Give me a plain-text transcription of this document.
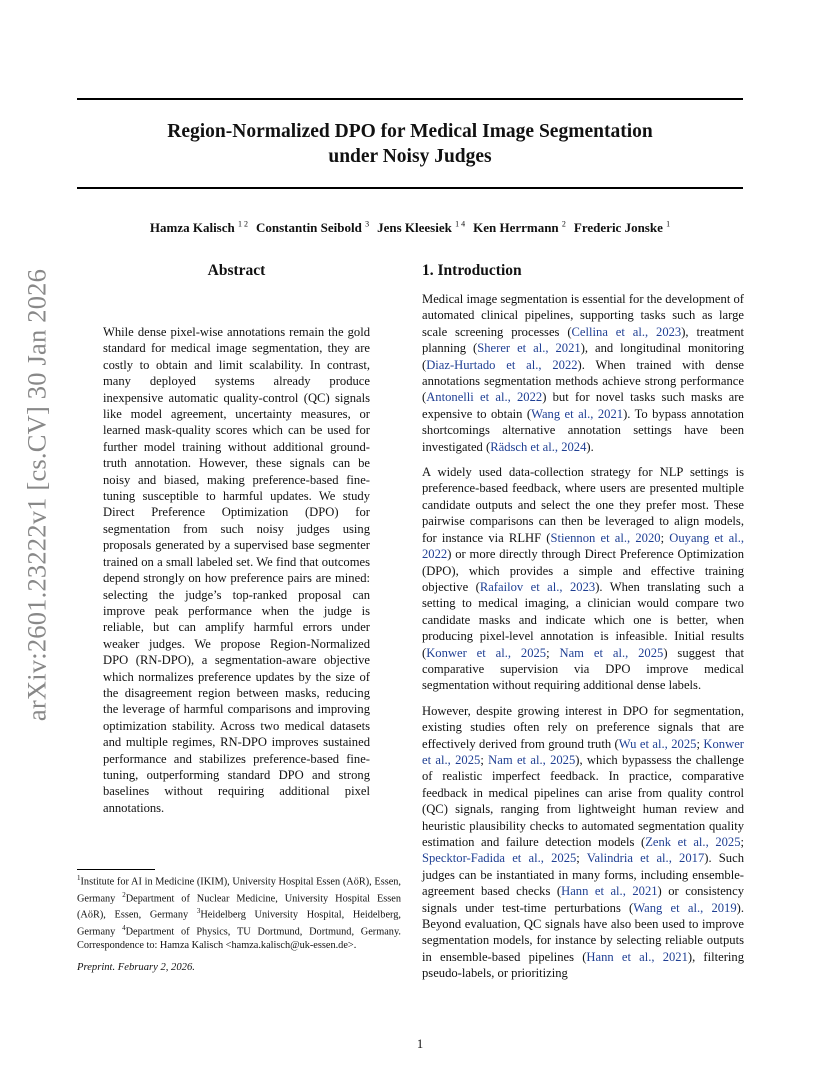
arXiv:2601.23222v1 [cs.CV] 30 Jan 2026
Region-Normalized DPO for Medical Image Segmentation
under Noisy Judges
Hamza Kalisch $^{1 2}$ Constantin Seibold $^3$ Jens Kleesiek $^{1 4}$ Ken Herrmann $^2$ Frederic Jonske $^1$
Abstract
While dense pixel-wise annotations remain the gold standard for medical image segmentation, they are costly to obtain and limit scalability. In contrast, many deployed systems already produce inexpensive automatic quality-control (QC) signals like model agreement, uncertainty measures, or learned mask-quality scores which can be used for further model training without additional ground-truth annotation. However, these signals can be noisy and biased, making preference-based fine-tuning susceptible to harmful updates. We study Direct Preference Optimization (DPO) for segmentation from such noisy judges using proposals generated by a supervised base segmenter trained on a small labeled set. We find that outcomes depend strongly on how preference pairs are mined: selecting the judge’s top-ranked proposal can improve peak performance when the judge is reliable, but can amplify harmful errors under weaker judges. We propose Region-Normalized DPO (RN-DPO), a segmentation-aware objective which normalizes preference updates by the size of the disagreement region between masks, reducing the leverage of harmful comparisons and improving optimization stability. Across two medical datasets and multiple regimes, RN-DPO improves sustained performance and stabilizes preference-based fine-tuning, outperforming standard DPO and strong baselines without requiring additional pixel annotations.
1. Introduction

Medical image segmentation is essential for the development of automated clinical pipelines, supporting tasks such as large scale screening processes (Cellina et al., 2023), treatment planning (Sherer et al., 2021), and longitudinal monitoring (Diaz-Hurtado et al., 2022). When trained with dense annotations segmentation methods achieve strong performance (Antonelli et al., 2022) but for novel tasks such masks are expensive to obtain (Wang et al., 2021). To bypass annotation shortcomings alternative annotation settings have been investigated (Rädsch et al., 2024).

A widely used data-collection strategy for NLP settings is preference-based feedback, where users are presented multiple candidate outputs and select the one they prefer most. These pairwise comparisons can then be leveraged to align models, for instance via RLHF (Stiennon et al., 2020; Ouyang et al., 2022) or more directly through Direct Preference Optimization (DPO), which provides a simple and effective training objective (Rafailov et al., 2023). When translating such a setting to medical imaging, a clinician would compare two candidate masks and indicate which one is better, when producing pixel-level annotation is infeasible. Initial results (Konwer et al., 2025; Nam et al., 2025) suggest that comparative supervision via DPO improve medical segmentation without requiring additional dense labels.

However, despite growing interest in DPO for segmentation, existing studies often rely on preference signals that are effectively derived from ground truth (Wu et al., 2025; Konwer et al., 2025; Nam et al., 2025), which bypassess the challenge of realistic imperfect feedback. In practice, comparative feedback in medical pipelines can arise from quality control (QC) signals, ranging from lightweight human review and heuristic plausibility checks to automated segmentation quality estimation and failure detection models (Zenk et al., 2025; Specktor-Fadida et al., 2025; Valindria et al., 2017). Such judges can be instantiated in many forms, including ensemble-agreement based checks (Hann et al., 2021) or consistency signals under test-time perturbations (Wang et al., 2019). Beyond evaluation, QC signals have also been used to improve segmentation models, for instance by selecting reliable outputs in ensemble-based pipelines (Hann et al., 2021), filtering pseudo-labels, or prioritizing

$^1$Institute for AI in Medicine (IKIM), University Hospital Essen (AöR), Essen, Germany $^2$Department of Nuclear Medicine, University Hospital Essen (AöR), Essen, Germany $^3$Heidelberg University Hospital, Heidelberg, Germany $^4$Department of Physics, TU Dortmund, Dortmund, Germany. Correspondence to: Hamza Kalisch <hamza.kalisch@uk-essen.de>.
Preprint. February 2, 2026.
1
